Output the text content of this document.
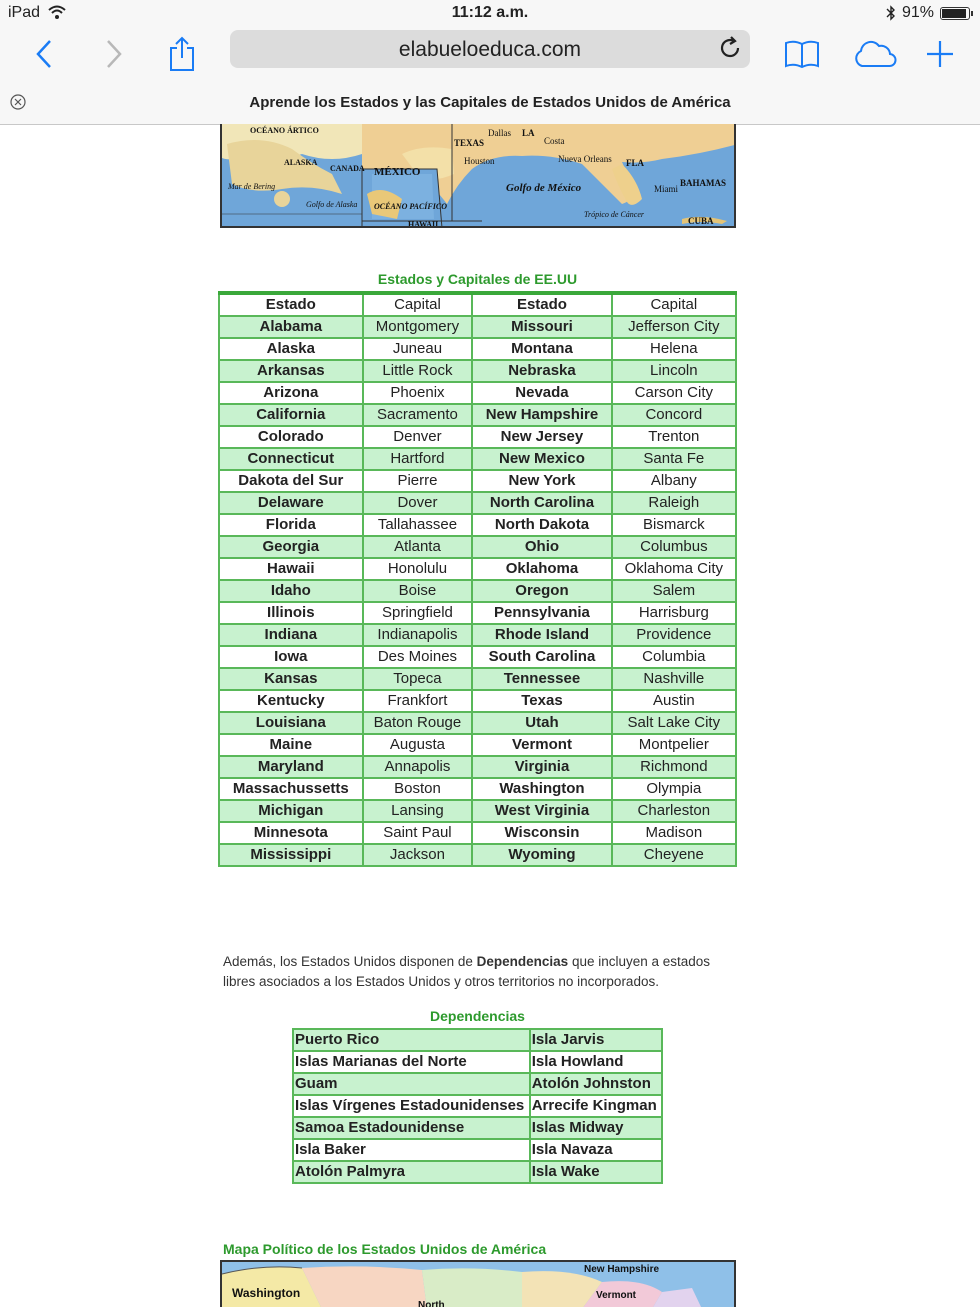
iPad	11:12 a.m.	91%
elabueloeduca.com
Aprende los Estados y las Capitales de Estados Unidos de América
OCÉANO ÁRTICO
ALASKA
CANADA MÉXICO
TEXAS
Dallas LA
Houston
Costa
Nueva Orleans FLA
Golfo de México	Miami
BAHAMAS
Trópico de Cáncer
CUBA
OCÉANO PACÍFICO
HAWAII
Golfo de Alaska
Mar de Bering
Estados y Capitales de EE.UU
Estado	Capital	Estado	Capital
Alabama	Montgomery	Missouri	Jefferson City
Alaska	Juneau	Montana	Helena
Arkansas	Little Rock	Nebraska	Lincoln
Arizona	Phoenix	Nevada	Carson City
California	Sacramento	New Hampshire	Concord
Colorado	Denver	New Jersey	Trenton
Connecticut	Hartford	New Mexico	Santa Fe
Dakota del Sur	Pierre	New York	Albany
Delaware	Dover	North Carolina	Raleigh
Florida	Tallahassee	North Dakota	Bismarck
Georgia	Atlanta	Ohio	Columbus
Hawaii	Honolulu	Oklahoma	Oklahoma City
Idaho	Boise	Oregon	Salem
Illinois	Springfield	Pennsylvania	Harrisburg
Indiana	Indianapolis	Rhode Island	Providence
Iowa	Des Moines	South Carolina	Columbia
Kansas	Topeca	Tennessee	Nashville
Kentucky	Frankfort	Texas	Austin
Louisiana	Baton Rouge	Utah	Salt Lake City
Maine	Augusta	Vermont	Montpelier
Maryland	Annapolis	Virginia	Richmond
Massachussetts	Boston	Washington	Olympia
Michigan	Lansing	West Virginia	Charleston
Minnesota	Saint Paul	Wisconsin	Madison
Mississippi	Jackson	Wyoming	Cheyene
Además, los Estados Unidos disponen de Dependencias que incluyen a estados libres asociados a los Estados Unidos y otros territorios no incorporados.
Dependencias
Puerto Rico	Isla Jarvis
Islas Marianas del Norte	Isla Howland
Guam	Atolón Johnston
Islas Vírgenes Estadounidenses	Arrecife Kingman
Samoa Estadounidense	Islas Midway
Isla Baker	Isla Navaza
Atolón Palmyra	Isla Wake
Mapa Político de los Estados Unidos de América
Washington
North
New Hampshire
Vermont
